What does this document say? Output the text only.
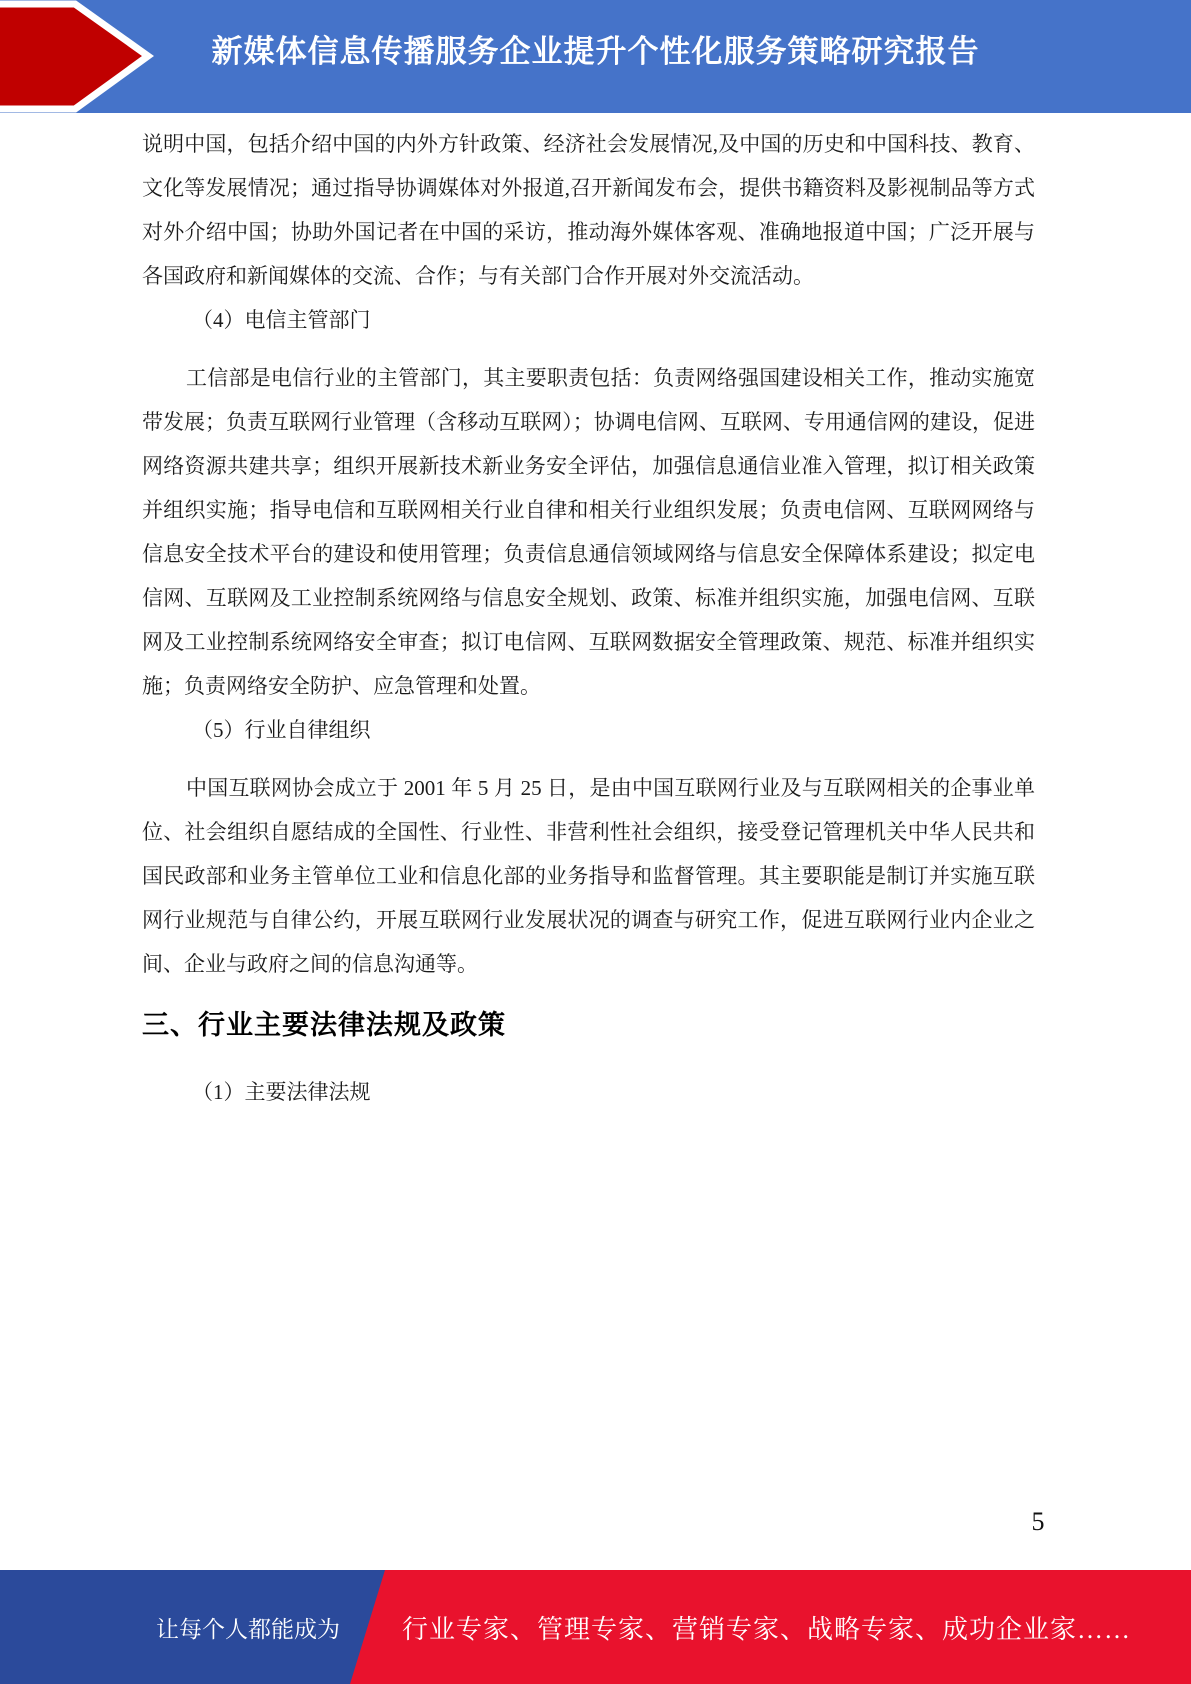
新媒体信息传播服务企业提升个性化服务策略研究报告

说明中国，包括介绍中国的内外方针政策、经济社会发展情况,及中国的历史和中国科技、教育、文化等发展情况；通过指导协调媒体对外报道,召开新闻发布会，提供书籍资料及影视制品等方式对外介绍中国；协助外国记者在中国的采访，推动海外媒体客观、准确地报道中国；广泛开展与各国政府和新闻媒体的交流、合作；与有关部门合作开展对外交流活动。

（4）电信主管部门

工信部是电信行业的主管部门，其主要职责包括：负责网络强国建设相关工作，推动实施宽带发展；负责互联网行业管理（含移动互联网）；协调电信网、互联网、专用通信网的建设，促进网络资源共建共享；组织开展新技术新业务安全评估，加强信息通信业准入管理，拟订相关政策并组织实施；指导电信和互联网相关行业自律和相关行业组织发展；负责电信网、互联网网络与信息安全技术平台的建设和使用管理；负责信息通信领域网络与信息安全保障体系建设；拟定电信网、互联网及工业控制系统网络与信息安全规划、政策、标准并组织实施，加强电信网、互联网及工业控制系统网络安全审查；拟订电信网、互联网数据安全管理政策、规范、标准并组织实施；负责网络安全防护、应急管理和处置。

（5）行业自律组织

中国互联网协会成立于 2001 年 5 月 25 日，是由中国互联网行业及与互联网相关的企事业单位、社会组织自愿结成的全国性、行业性、非营利性社会组织，接受登记管理机关中华人民共和国民政部和业务主管单位工业和信息化部的业务指导和监督管理。其主要职能是制订并实施互联网行业规范与自律公约，开展互联网行业发展状况的调查与研究工作，促进互联网行业内企业之间、企业与政府之间的信息沟通等。

三、行业主要法律法规及政策

（1）主要法律法规

5
让每个人都能成为	行业专家、管理专家、营销专家、战略专家、成功企业家……
